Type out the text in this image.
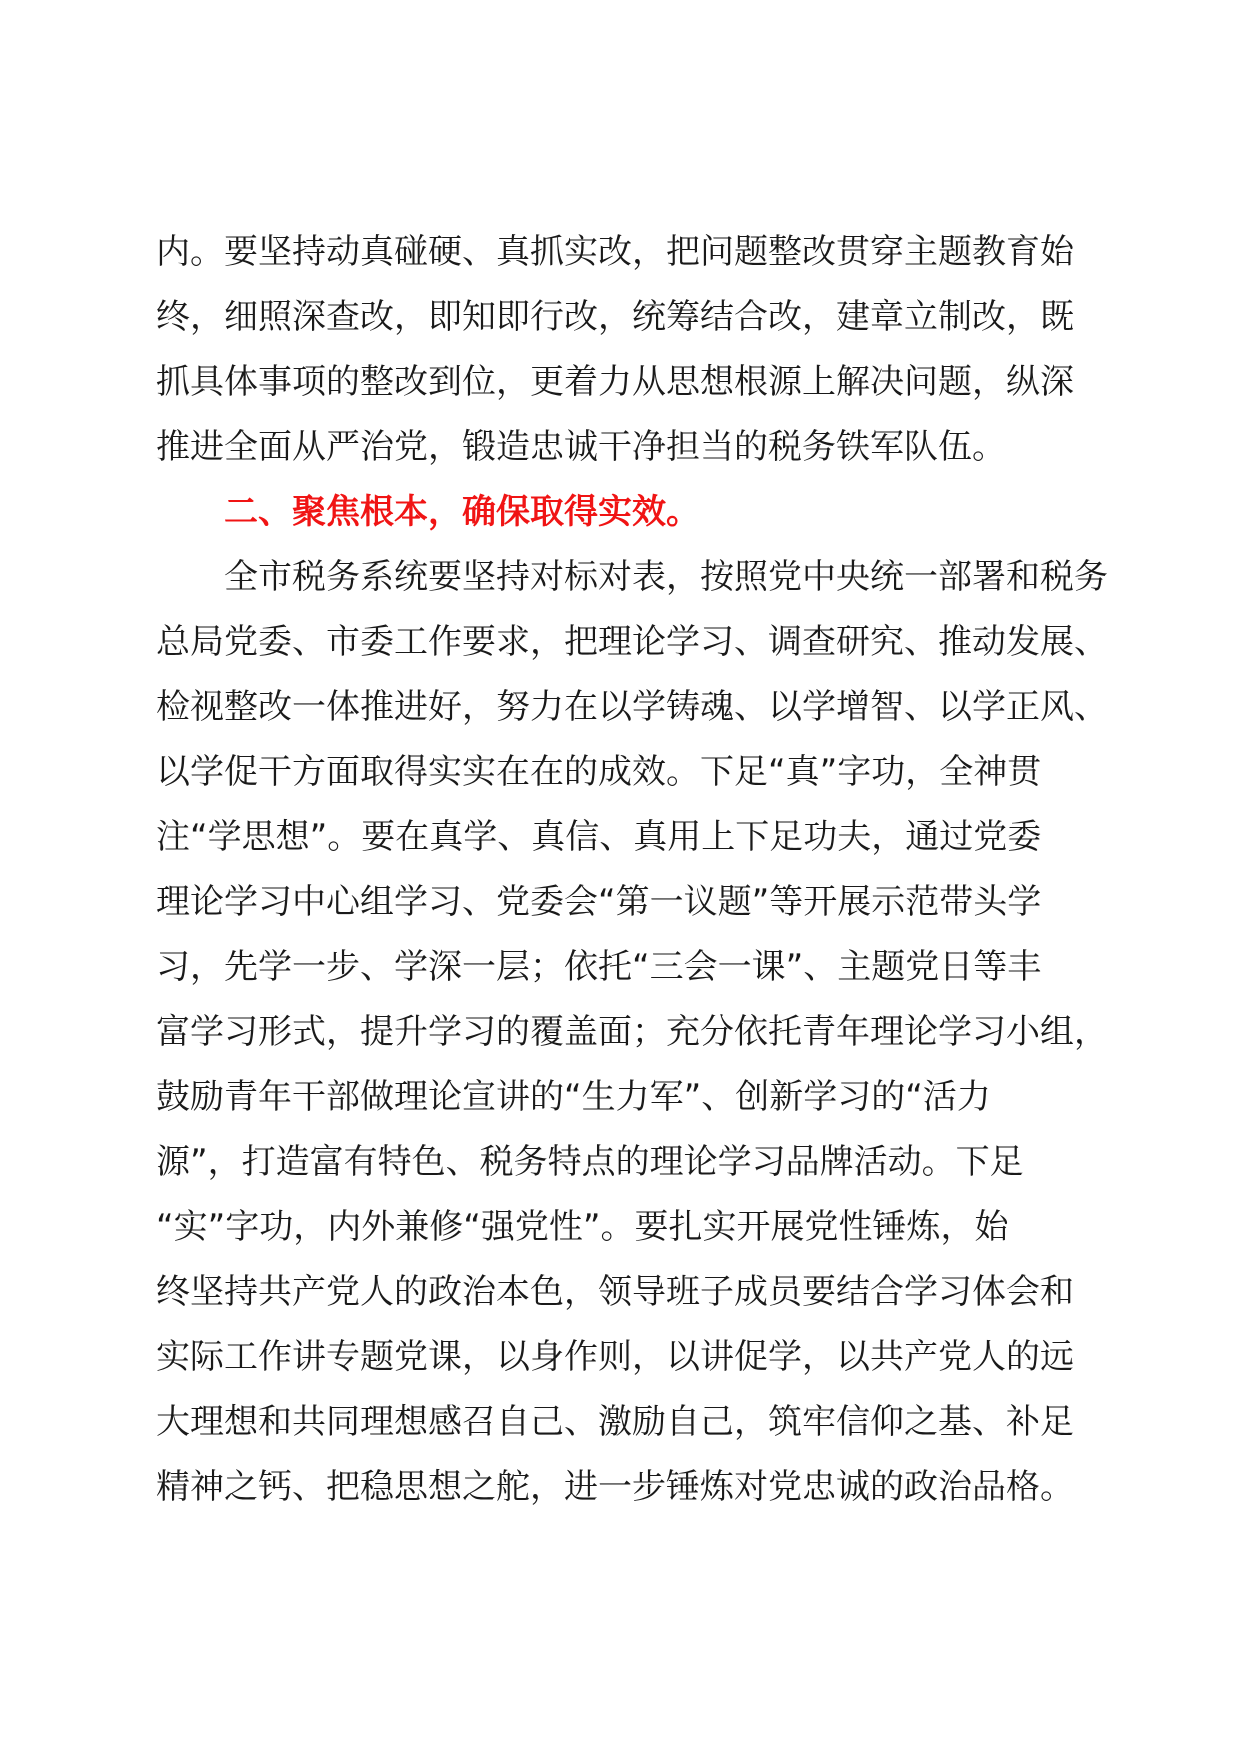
内。要坚持动真碰硬、真抓实改，把问题整改贯穿主题教育始
终，细照深查改，即知即行改，统筹结合改，建章立制改，既
抓具体事项的整改到位，更着力从思想根源上解决问题，纵深
推进全面从严治党，锻造忠诚干净担当的税务铁军队伍。
二、聚焦根本，确保取得实效。
全市税务系统要坚持对标对表，按照党中央统一部署和税务
总局党委、市委工作要求，把理论学习、调查研究、推动发展、
检视整改一体推进好，努力在以学铸魂、以学增智、以学正风、
以学促干方面取得实实在在的成效。下足“真”字功，全神贯
注“学思想”。要在真学、真信、真用上下足功夫，通过党委
理论学习中心组学习、党委会“第一议题”等开展示范带头学
习，先学一步、学深一层；依托“三会一课”、主题党日等丰
富学习形式，提升学习的覆盖面；充分依托青年理论学习小组，
鼓励青年干部做理论宣讲的“生力军”、创新学习的“活力
源”，打造富有特色、税务特点的理论学习品牌活动。下足
“实”字功，内外兼修“强党性”。要扎实开展党性锤炼，始
终坚持共产党人的政治本色，领导班子成员要结合学习体会和
实际工作讲专题党课，以身作则，以讲促学，以共产党人的远
大理想和共同理想感召自己、激励自己，筑牢信仰之基、补足
精神之钙、把稳思想之舵，进一步锤炼对党忠诚的政治品格。
